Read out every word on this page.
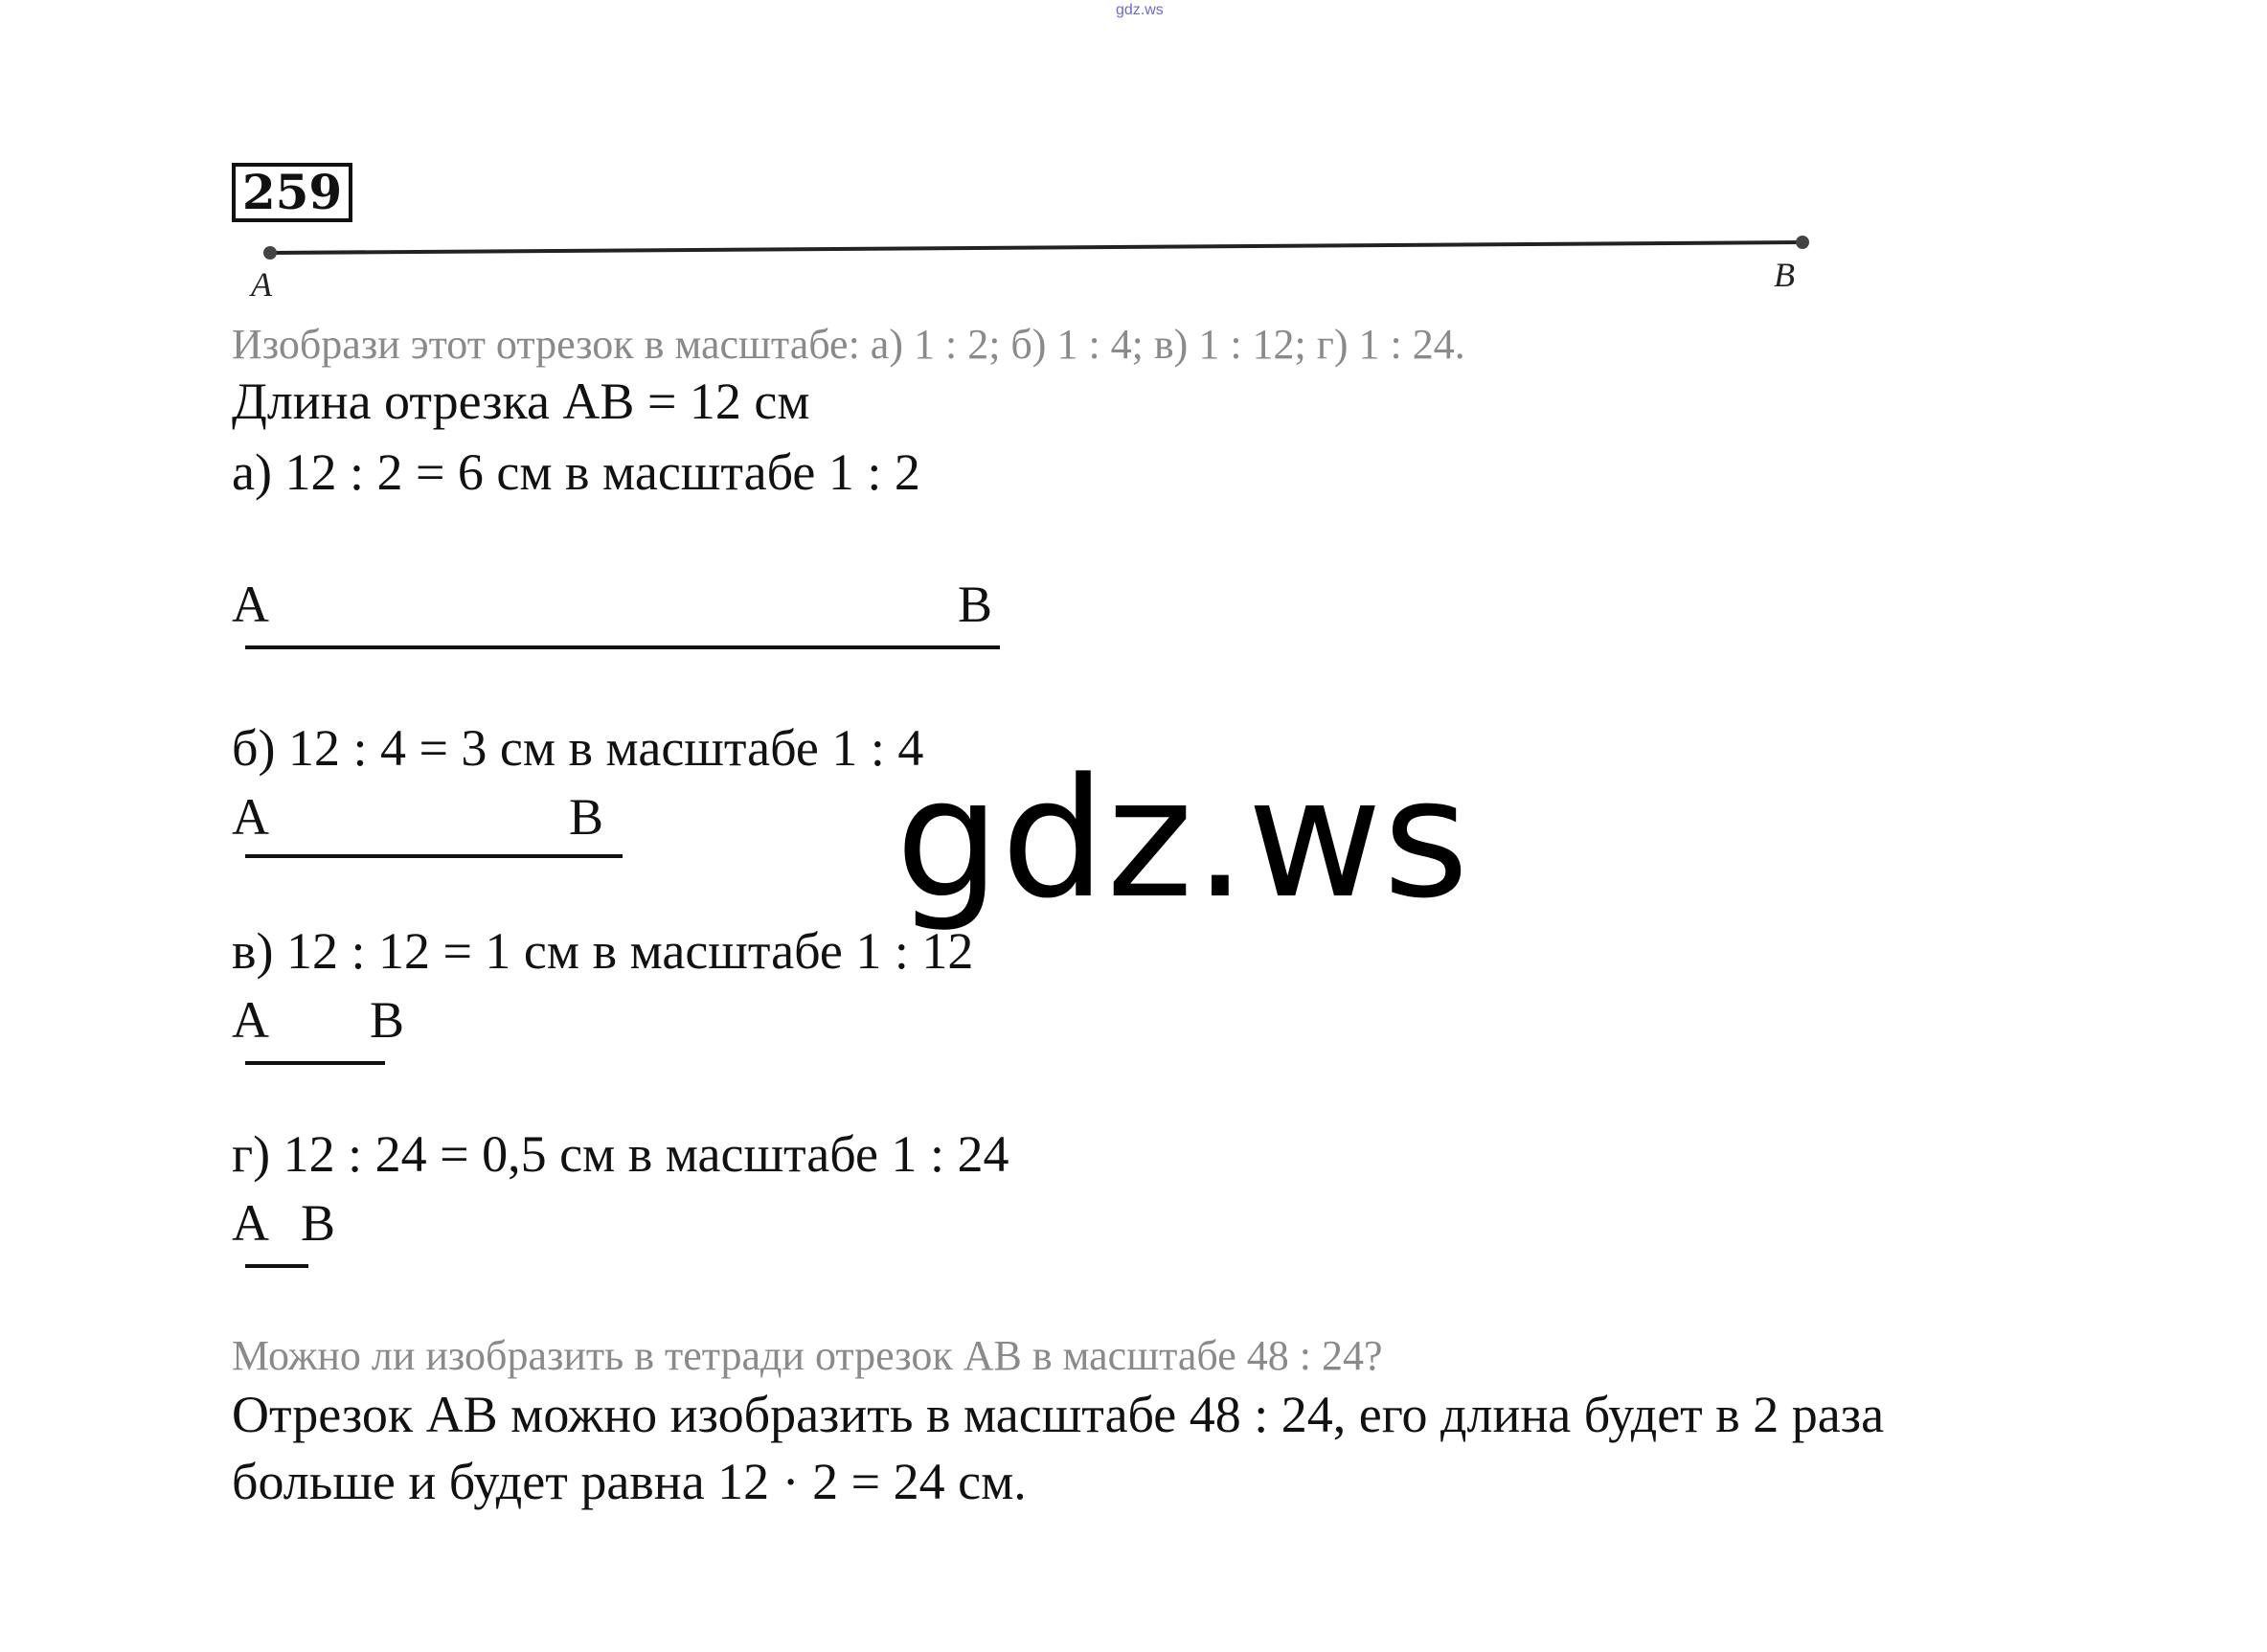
gdz.ws
259
A	B
Изобрази этот отрезок в масштабе: а) 1 : 2; б) 1 : 4; в) 1 : 12; г) 1 : 24.
Длина отрезка АВ = 12 см
а) 12 : 2 = 6 см в масштабе 1 : 2
A	B
б) 12 : 4 = 3 см в масштабе 1 : 4
A	B
в) 12 : 12 = 1 см в масштабе 1 : 12
A B
г) 12 : 24 = 0,5 см в масштабе 1 : 24
A B
Можно ли изобразить в тетради отрезок АВ в масштабе 48 : 24?
Отрезок АВ можно изобразить в масштабе 48 : 24, его длина будет в 2 раза
больше и будет равна 12 · 2 = 24 см.
gdz.ws
